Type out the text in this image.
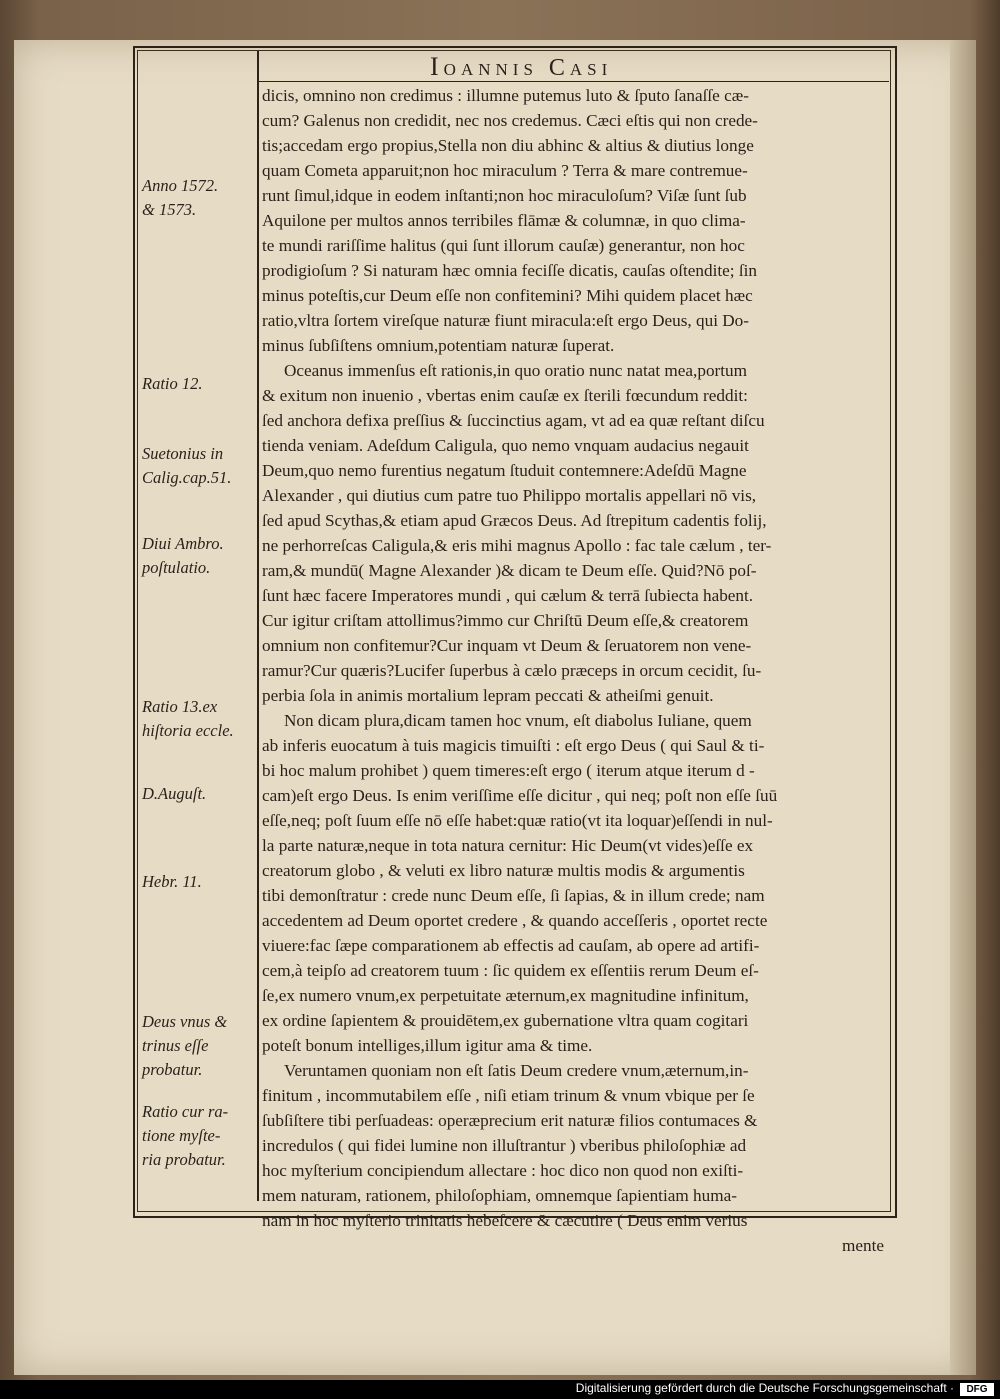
Ioannis Casi
dicis, omnino non credimus : illumne putemus luto & ſputo ſanaſſe cæ-
cum? Galenus non credidit, nec nos credemus. Cæci eſtis qui non crede-
tis;accedam ergo propius,Stella non diu abhinc & altius & diutius longe
quam Cometa apparuit;non hoc miraculum ? Terra & mare contremue-
runt ſimul,idque in eodem inſtanti;non hoc miraculoſum? Viſæ ſunt ſub
Aquilone per multos annos terribiles flāmæ & columnæ, in quo clima-
te mundi rariſſime halitus (qui ſunt illorum cauſæ) generantur, non hoc
prodigioſum ? Si naturam hæc omnia feciſſe dicatis, cauſas oſtendite; ſin
minus poteſtis,cur Deum eſſe non confitemini? Mihi quidem placet hæc
ratio,vltra ſortem vireſque naturæ fiunt miracula:eſt ergo Deus, qui Do-
minus ſubſiſtens omnium,potentiam naturæ ſuperat.
Oceanus immenſus eſt rationis,in quo oratio nunc natat mea,portum
& exitum non inuenio , vbertas enim cauſæ ex ſterili fœcundum reddit:
ſed anchora defixa preſſius & ſuccinctius agam, vt ad ea quæ reſtant diſcu
tienda veniam. Adeſdum Caligula, quo nemo vnquam audacius negauit
Deum,quo nemo furentius negatum ſtuduit contemnere:Adeſdū Magne
Alexander , qui diutius cum patre tuo Philippo mortalis appellari nō vis,
ſed apud Scythas,& etiam apud Græcos Deus. Ad ſtrepitum cadentis folij,
ne perhorreſcas Caligula,& eris mihi magnus Apollo : fac tale cælum , ter-
ram,& mundū( Magne Alexander )& dicam te Deum eſſe. Quid?Nō poſ-
ſunt hæc facere Imperatores mundi , qui cælum & terrā ſubiecta habent.
Cur igitur criſtam attollimus?immo cur Chriſtū Deum eſſe,& creatorem
omnium non confitemur?Cur inquam vt Deum & ſeruatorem non vene-
ramur?Cur quæris?Lucifer ſuperbus à cælo præceps in orcum cecidit, ſu-
perbia ſola in animis mortalium lepram peccati & atheiſmi genuit.
Non dicam plura,dicam tamen hoc vnum, eſt diabolus Iuliane, quem
ab inferis euocatum à tuis magicis timuiſti : eſt ergo Deus ( qui Saul & ti-
bi hoc malum prohibet ) quem timeres:eſt ergo ( iterum atque iterum d -
cam)eſt ergo Deus. Is enim veriſſime eſſe dicitur , qui neq; poſt non eſſe ſuū
eſſe,neq; poſt ſuum eſſe nō eſſe habet:quæ ratio(vt ita loquar)eſſendi in nul-
la parte naturæ,neque in tota natura cernitur: Hic Deum(vt vides)eſſe ex
creatorum globo , & veluti ex libro naturæ multis modis & argumentis
tibi demonſtratur : crede nunc Deum eſſe, ſi ſapias, & in illum crede; nam
accedentem ad Deum oportet credere , & quando acceſſeris , oportet recte
viuere:fac ſæpe comparationem ab effectis ad cauſam, ab opere ad artifi-
cem,à teipſo ad creatorem tuum : ſic quidem ex eſſentiis rerum Deum eſ-
ſe,ex numero vnum,ex perpetuitate æternum,ex magnitudine infinitum,
ex ordine ſapientem & prouidētem,ex gubernatione vltra quam cogitari
poteſt bonum intelliges,illum igitur ama & time.
Veruntamen quoniam non eſt ſatis Deum credere vnum,æternum,in-
finitum , incommutabilem eſſe , niſi etiam trinum & vnum vbique per ſe
ſubſiſtere tibi perſuadeas: operæprecium erit naturæ filios contumaces &
incredulos ( qui fidei lumine non illuſtrantur ) vberibus philoſophiæ ad
hoc myſterium concipiendum allectare : hoc dico non quod non exiſti-
mem naturam, rationem, philoſophiam, omnemque ſapientiam huma-
nam in hoc myſterio trinitatis hebeſcere & cæcutire ( Deus enim verius
mente
Anno 1572.
& 1573.
Ratio 12.
Suetonius in
Calig.cap.51.
Diui Ambro.
poſtulatio.
Ratio 13.ex
hiſtoria eccle.
D.Auguſt.
Hebr. 11.
Deus vnus &
trinus eſſe
probatur.
Ratio cur ra-
tione myſte-
ria probatur.
Digitalisierung gefördert durch die Deutsche Forschungsgemeinschaft ·	DFG
